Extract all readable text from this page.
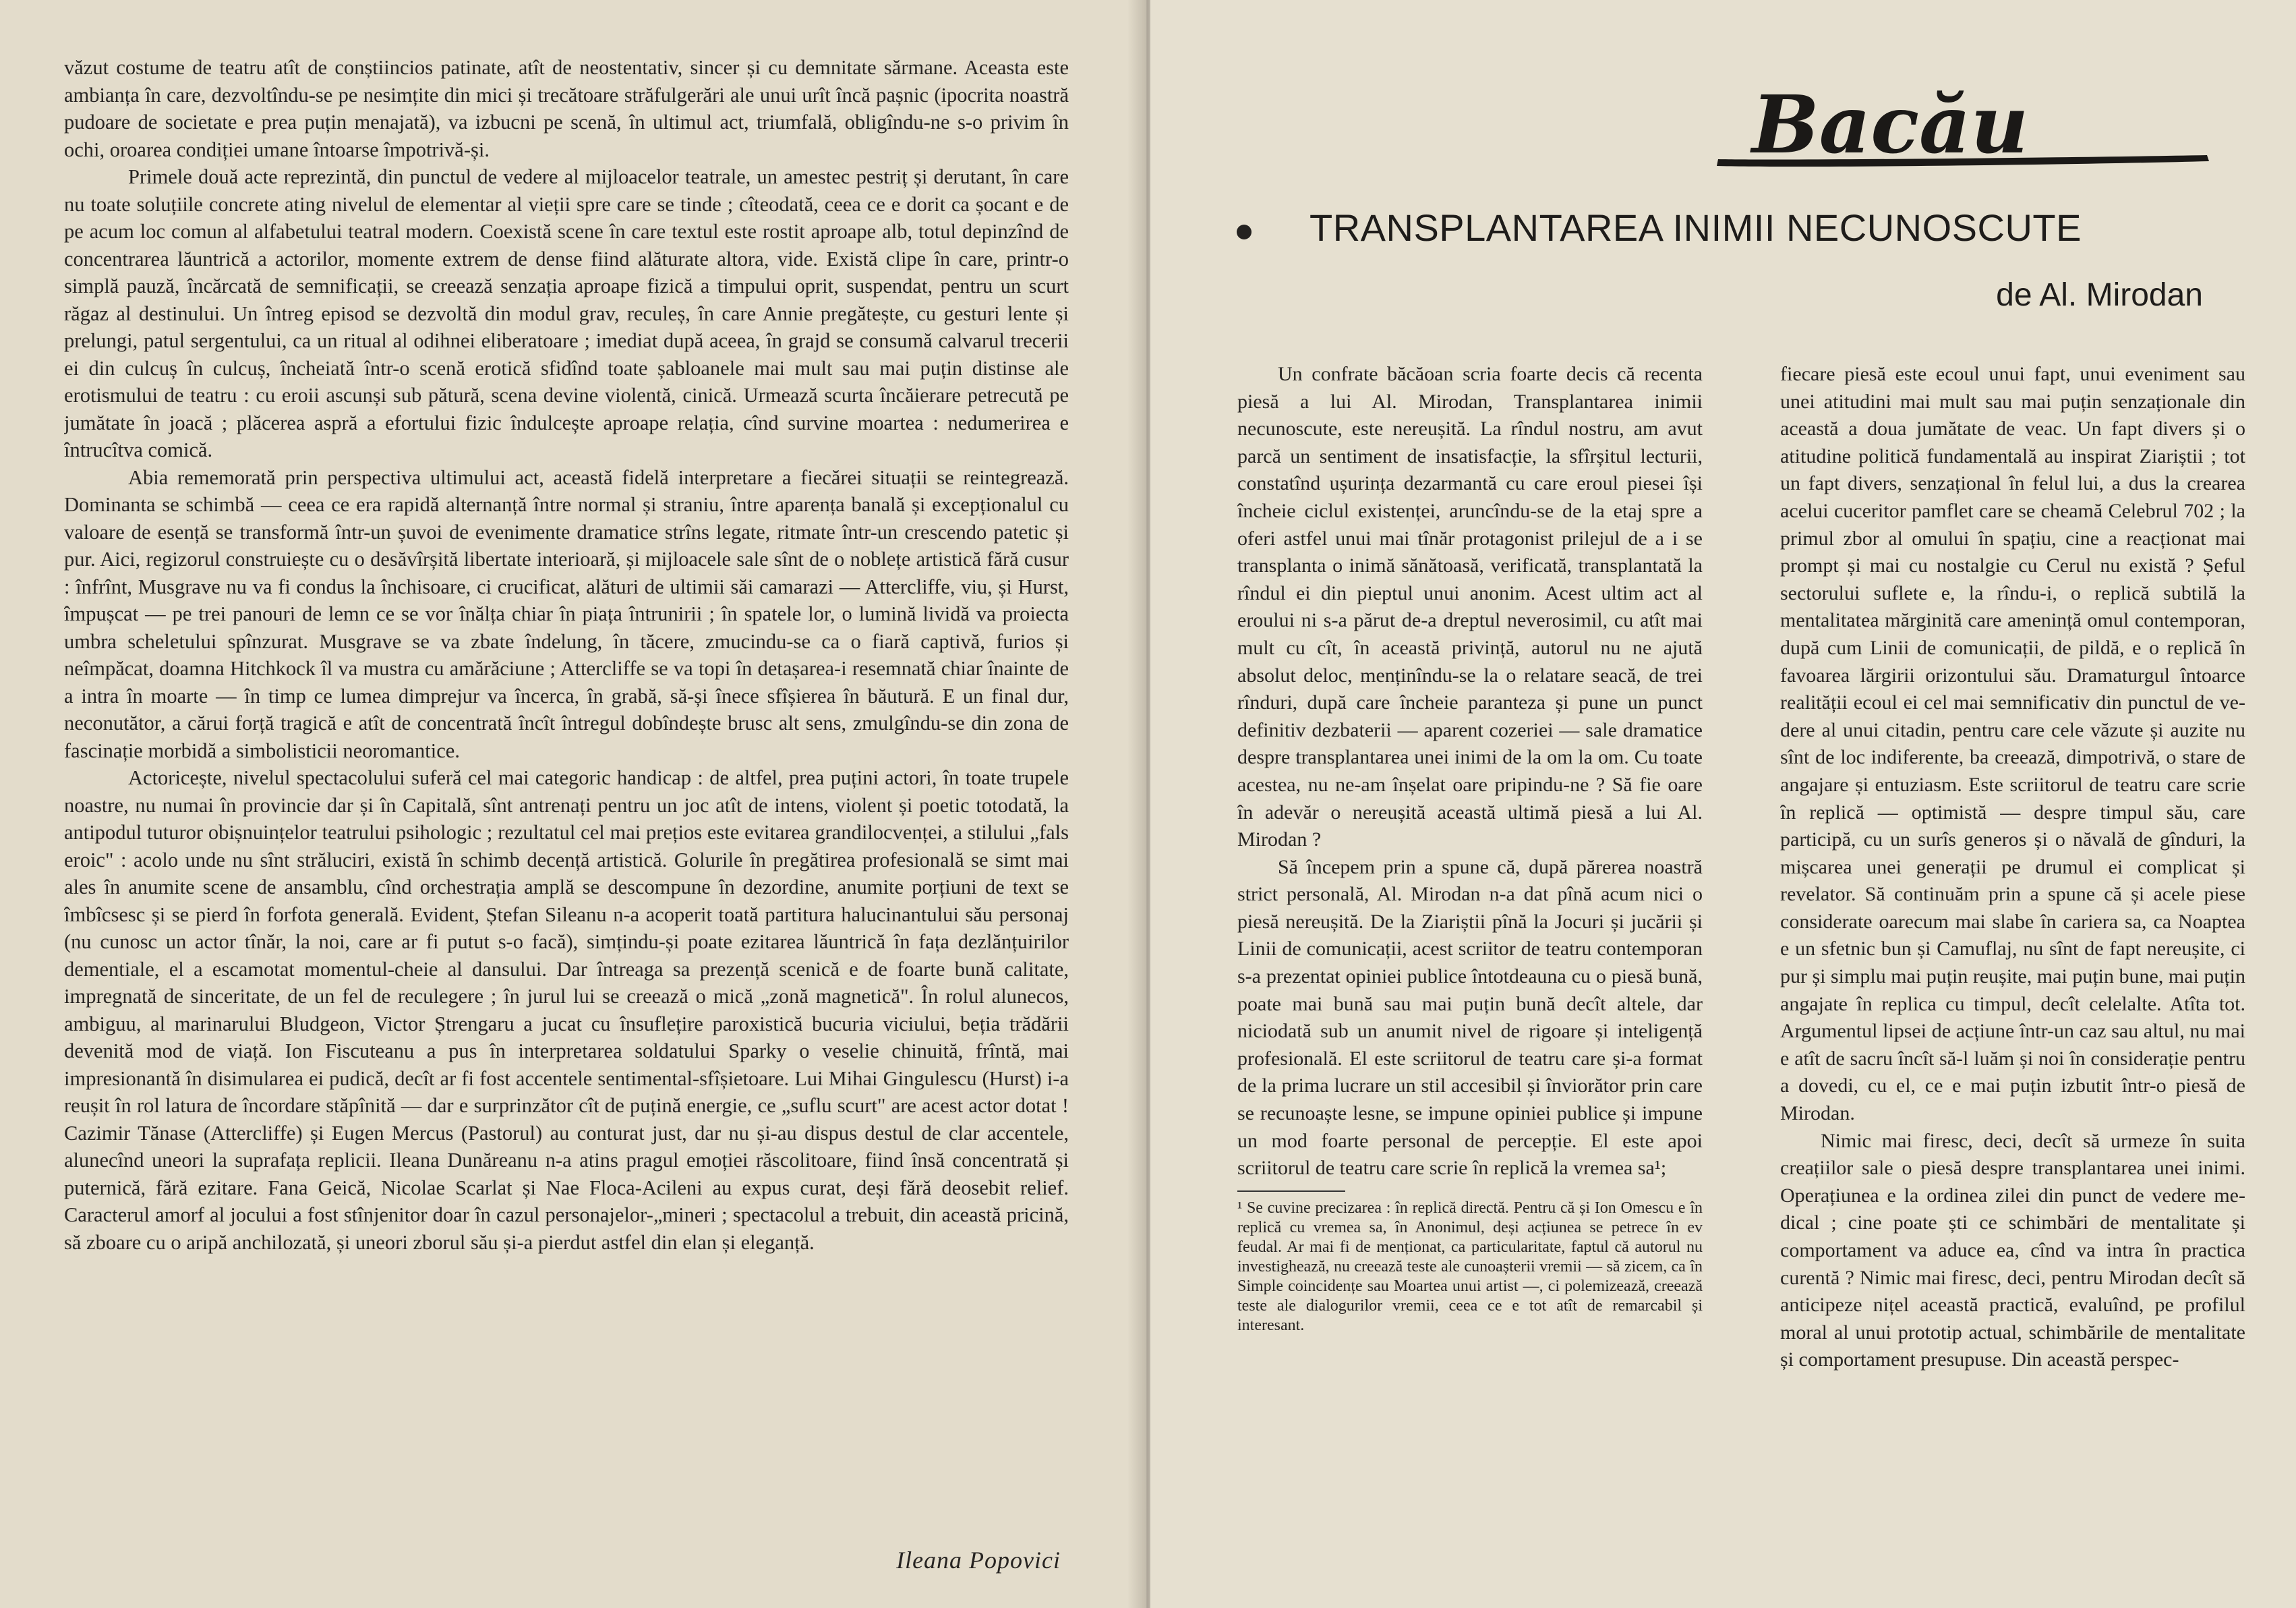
văzut costume de teatru atît de conștiincios patinate, atît de neostentativ, sincer și cu demnitate sărmane. Aceasta este ambianța în care, dezvoltîndu-se pe nesimțite din mici și trecătoare străfulgerări ale unui urît încă pașnic (ipocrita noastră pudoare de societate e prea puțin menajată), va izbucni pe scenă, în ultimul act, triumfală, obligîndu-ne s-o privim în ochi, oroarea condiției umane întoarse împotrivă-și.

Primele două acte reprezintă, din punctul de vedere al mijloacelor teatrale, un amestec pestriț și derutant, în care nu toate soluțiile concrete ating nivelul de elementar al vieții spre care se tinde ; cîteodată, ceea ce e dorit ca șocant e de pe acum loc comun al alfabetului teatral modern. Coexistă scene în care textul este rostit aproape alb, totul depinzînd de concentrarea lăuntrică a actorilor, momente extrem de dense fiind alăturate altora, vide. Există clipe în care, printr-o simplă pauză, încărcată de semnificații, se creează senzația aproape fizică a timpului oprit, suspendat, pentru un scurt răgaz al destinului. Un întreg episod se dezvoltă din modul grav, reculeș, în care Annie pregătește, cu gesturi lente și prelungi, patul sergentului, ca un ritual al odihnei eliberatoare ; imediat după aceea, în grajd se consumă calvarul trecerii ei din culcuș în culcuș, încheiată într-o scenă erotică sfidînd toate șabloanele mai mult sau mai puțin distinse ale erotismului de teatru : cu eroii ascunși sub pătură, scena devine violentă, cinică. Urmează scurta încăierare petrecută pe jumătate în joacă ; plăcerea aspră a efortului fizic îndulcește aproape relația, cînd survine moartea : nedumerirea e întrucîtva comică.

Abia rememorată prin perspectiva ultimului act, această fidelă interpretare a fiecărei situații se reintegrează. Dominanta se schimbă — ceea ce era rapidă alternanță între normal și straniu, între aparența banală și excepționalul cu valoare de esență se transformă într-un șuvoi de evenimente dramatice strîns legate, ritmate într-un crescendo patetic și pur. Aici, regizorul construiește cu o desăvîrșită libertate interioară, și mijloacele sale sînt de o noblețe artistică fără cusur : înfrînt, Musgrave nu va fi condus la închisoare, ci crucificat, alături de ultimii săi camarazi — Attercliffe, viu, și Hurst, împușcat — pe trei panouri de lemn ce se vor înălța chiar în piața întrunirii ; în spatele lor, o lumină lividă va proiecta umbra scheletului spînzurat. Musgrave se va zbate îndelung, în tăcere, zmucindu-se ca o fiară captivă, furios și neîmpăcat, doamna Hitchkock îl va mustra cu amărăciune ; Attercliffe se va topi în detașarea-i resemnată chiar înainte de a intra în moarte — în timp ce lumea dimprejur va încerca, în grabă, să-și înece sfîșierea în băutură. E un final dur, neconutător, a cărui forță tragică e atît de concentrată încît întregul dobîndește brusc alt sens, zmulgîndu-se din zona de fascinație morbidă a simbolisticii neoromantice.

Actoricește, nivelul spectacolului suferă cel mai categoric handicap : de altfel, prea puțini actori, în toate trupele noastre, nu numai în provincie dar și în Capitală, sînt antrenați pentru un joc atît de intens, violent și poetic totodată, la antipodul tuturor obișnuințelor teatrului psihologic ; rezultatul cel mai prețios este evitarea grandilocvenței, a stilului „fals eroic" : acolo unde nu sînt străluciri, există în schimb decență artistică. Golurile în pregătirea profesională se simt mai ales în anumite scene de ansamblu, cînd orchestrația amplă se descompune în dezordine, anumite porțiuni de text se îmbîcsesc și se pierd în forfota generală. Evident, Ștefan Sileanu n-a acoperit toată partitura halucinantului său personaj (nu cunosc un actor tînăr, la noi, care ar fi putut s-o facă), simțindu-și poate ezitarea lăuntrică în fața dezlănțuirilor dementiale, el a escamotat momentul-cheie al dansului. Dar întreaga sa prezență scenică e de foarte bună calitate, impregnată de sinceritate, de un fel de reculegere ; în jurul lui se creează o mică „zonă magnetică". În rolul alunecos, ambiguu, al marinarului Bludgeon, Victor Ștrengaru a jucat cu însuflețire paroxistică bucuria viciului, beția trădării devenită mod de viață. Ion Fiscuteanu a pus în interpretarea soldatului Sparky o veselie chinuită, frîntă, mai impresionantă în disimularea ei pudică, decît ar fi fost accentele sentimental-sfîșietoare. Lui Mihai Gingulescu (Hurst) i-a reușit în rol latura de încordare stăpînită — dar e surprinzător cît de puțină energie, ce „suflu scurt" are acest actor dotat ! Cazimir Tănase (Attercliffe) și Eugen Mercus (Pastorul) au conturat just, dar nu și-au dispus destul de clar accentele, alunecînd uneori la suprafața replicii. Ileana Dunăreanu n-a atins pragul emoției răscolitoare, fiind însă concentrată și puternică, fără ezitare. Fana Geică, Nicolae Scarlat și Nae Floca-Acileni au expus curat, deși fără deosebit relief. Caracterul amorf al jocului a fost stînjenitor doar în cazul personajelor-„mineri ; spectacolul a trebuit, din această pricină, să zboare cu o aripă anchilozată, și uneori zborul său și-a pierdut astfel din elan și eleganță.

Ileana Popovici
Bacău
TRANSPLANTAREA INIMII NECUNOSCUTE
de Al. Mirodan

Un confrate băcăoan scria foarte decis că recenta piesă a lui Al. Mirodan, Transplantarea inimii necunoscute, este nereușită. La rîndul nostru, am avut parcă un sentiment de insatisfacție, la sfîrșitul lecturii, constatînd ușurința dezarmantă cu care eroul piesei își încheie ciclul existenței, aruncîndu-se de la etaj spre a oferi astfel unui mai tînăr protagonist prilejul de a i se transplanta o inimă sănătoasă, verificată, transplantată la rîndul ei din pieptul unui anonim. Acest ultim act al eroului ni s-a părut de-a dreptul neverosimil, cu atît mai mult cu cît, în această privință, autorul nu ne ajută absolut deloc, menținîndu-se la o relatare seacă, de trei rînduri, după care încheie paranteza și pune un punct definitiv dezbaterii — aparent cozeriei — sale dramatice despre transplantarea unei inimi de la om la om. Cu toate acestea, nu ne-am înșelat oare pripindu-ne ? Să fie oare în adevăr o nereușită această ultimă piesă a lui Al. Mirodan ?

Să începem prin a spune că, după părerea noastră strict personală, Al. Mirodan n-a dat pînă acum nici o piesă nereușită. De la Ziariștii pînă la Jocuri și jucării și Linii de comunicații, acest scriitor de teatru contemporan s-a prezentat opiniei publice întotdeauna cu o piesă bună, poate mai bună sau mai puțin bună decît altele, dar niciodată sub un anumit nivel de rigoare și inteligență profesională. El este scriitorul de teatru care și-a format de la prima lucrare un stil accesibil și înviorător prin care se recunoaște lesne, se impune opiniei publice și impune un mod foarte personal de percepție. El este apoi scriitorul de teatru care scrie în replică la vremea sa¹;

¹ Se cuvine precizarea : în replică directă. Pentru că și Ion Omescu e în replică cu vremea sa, în Anonimul, deși acțiunea se petrece în ev feudal. Ar mai fi de menționat, ca particularitate, faptul că autorul nu investighează, nu creează teste ale cunoașterii vremii — să zicem, ca în Simple coincidențe sau Moartea unui artist —, ci polemizează, creează teste ale dialogurilor vremii, ceea ce e tot atît de remarcabil și interesant.

fiecare piesă este ecoul unui fapt, unui eveniment sau unei atitudini mai mult sau mai puțin senzaționale din această a doua jumătate de veac. Un fapt divers și o atitudine politică fundamentală au inspirat Ziariștii ; tot un fapt divers, senzațional în felul lui, a dus la crearea acelui cuceritor pamflet care se cheamă Celebrul 702 ; la primul zbor al omului în spațiu, cine a reacționat mai prompt și mai cu nostalgie cu Cerul nu există ? Șeful sectorului suflete e, la rîndu-i, o replică subtilă la mentalitatea mărginită care amenință omul contemporan, după cum Linii de comunicații, de pildă, e o replică în favoarea lărgirii orizontului său. Dramaturgul întoarce realității ecoul ei cel mai semnificativ din punctul de vedere al unui citadin, pentru care cele văzute și auzite nu sînt de loc indiferente, ba creează, dimpotrivă, o stare de angajare și entuziasm. Este scriitorul de teatru care scrie în replică — optimistă — despre timpul său, care participă, cu un surîs generos și o năvală de gînduri, la mișcarea unei generații pe drumul ei complicat și revelator. Să continuăm prin a spune că și acele piese considerate oarecum mai slabe în cariera sa, ca Noaptea e un sfetnic bun și Camuflaj, nu sînt de fapt nereușite, ci pur și simplu mai puțin reușite, mai puțin bune, mai puțin angajate în replica cu timpul, decît celelalte. Atîta tot. Argumentul lipsei de acțiune într-un caz sau altul, nu mai e atît de sacru încît să-l luăm și noi în considerație pentru a dovedi, cu el, ce e mai puțin izbutit într-o piesă de Mirodan.

Nimic mai firesc, deci, decît să urmeze în suita creațiilor sale o piesă despre transplantarea unei inimi. Operațiunea e la ordinea zilei din punct de vedere medical ; cine poate ști ce schimbări de mentalitate și comportament va aduce ea, cînd va intra în practica curentă ? Nimic mai firesc, deci, pentru Mirodan decît să anticipeze nițel această practică, evaluînd, pe profilul moral al unui prototip actual, schimbările de mentalitate și comportament presupuse. Din această perspec-
